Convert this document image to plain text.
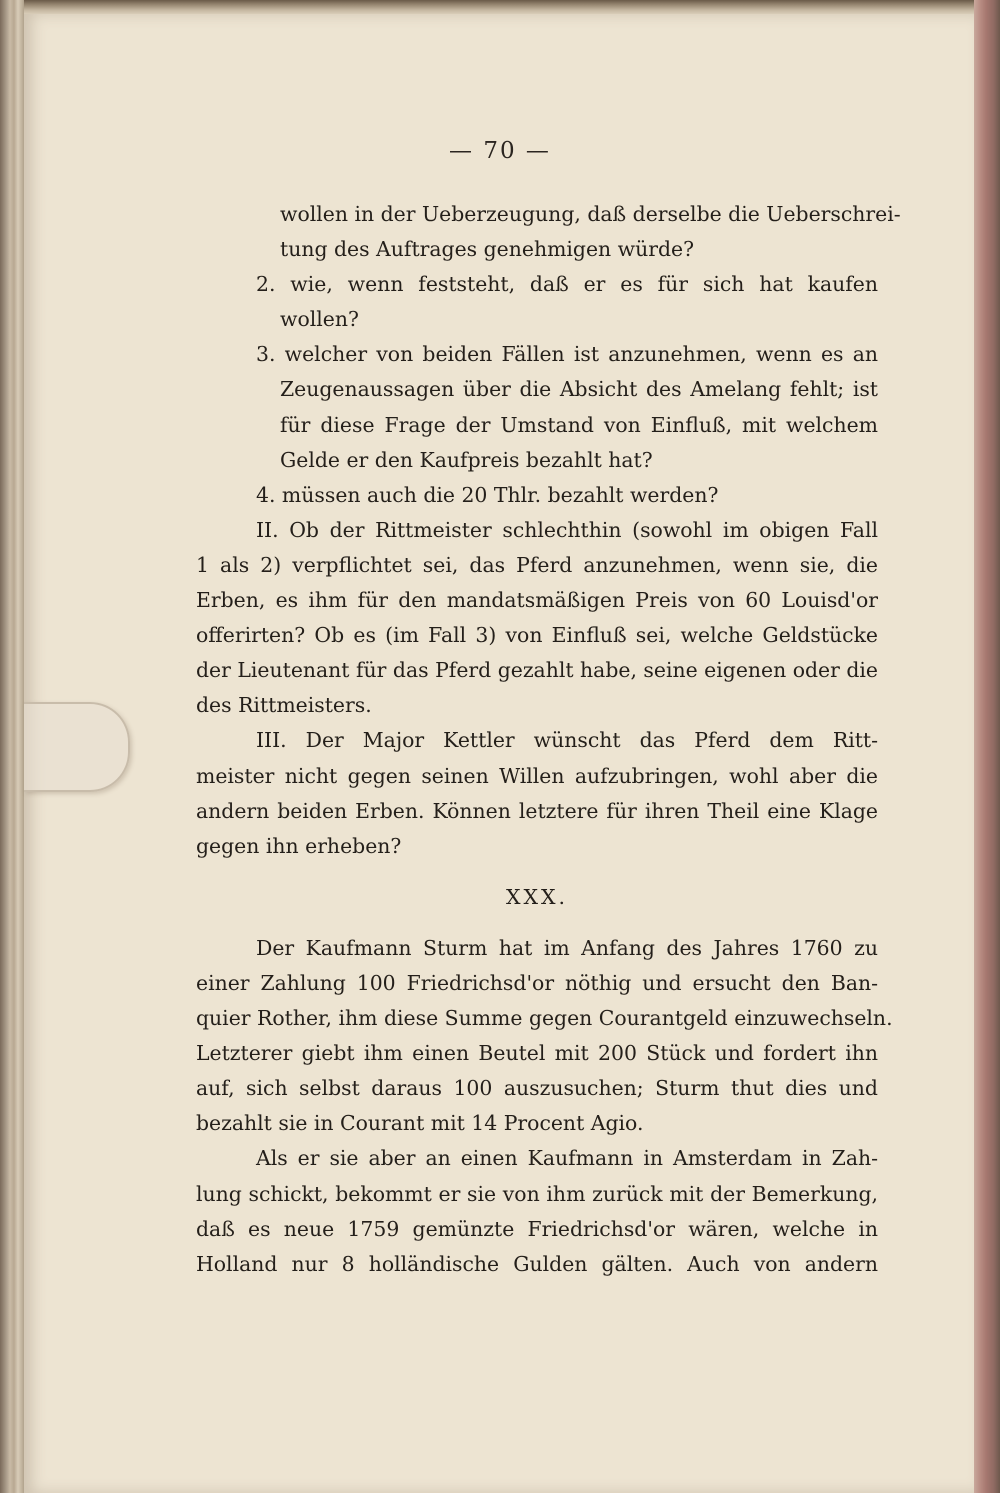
— 70 —
wollen in der Ueberzeugung, daß derselbe die Ueberschrei-
tung des Auftrages genehmigen würde?
2. wie, wenn feststeht, daß er es für sich hat kaufen
wollen?
3. welcher von beiden Fällen ist anzunehmen, wenn es an
Zeugenaussagen über die Absicht des Amelang fehlt; ist
für diese Frage der Umstand von Einfluß, mit welchem
Gelde er den Kaufpreis bezahlt hat?
4. müssen auch die 20 Thlr. bezahlt werden?
II. Ob der Rittmeister schlechthin (sowohl im obigen Fall
1 als 2) verpflichtet sei, das Pferd anzunehmen, wenn sie, die
Erben, es ihm für den mandatsmäßigen Preis von 60 Louisd'or
offerirten? Ob es (im Fall 3) von Einfluß sei, welche Geldstücke
der Lieutenant für das Pferd gezahlt habe, seine eigenen oder die
des Rittmeisters.
III. Der Major Kettler wünscht das Pferd dem Ritt-
meister nicht gegen seinen Willen aufzubringen, wohl aber die
andern beiden Erben. Können letztere für ihren Theil eine Klage
gegen ihn erheben?
XXX.
Der Kaufmann Sturm hat im Anfang des Jahres 1760 zu
einer Zahlung 100 Friedrichsd'or nöthig und ersucht den Ban-
quier Rother, ihm diese Summe gegen Courantgeld einzuwechseln.
Letzterer giebt ihm einen Beutel mit 200 Stück und fordert ihn
auf, sich selbst daraus 100 auszusuchen; Sturm thut dies und
bezahlt sie in Courant mit 14 Procent Agio.
Als er sie aber an einen Kaufmann in Amsterdam in Zah-
lung schickt, bekommt er sie von ihm zurück mit der Bemerkung,
daß es neue 1759 gemünzte Friedrichsd'or wären, welche in
Holland nur 8 holländische Gulden gälten. Auch von andern
